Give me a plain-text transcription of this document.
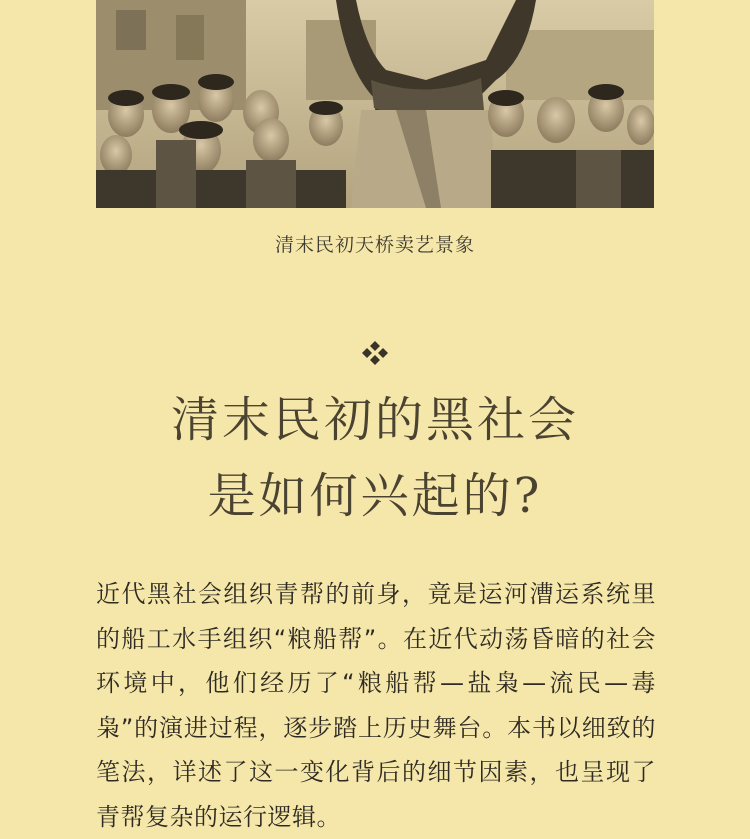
清末民初天桥卖艺景象
清末民初的黑社会
是如何兴起的?
近代黑社会组织青帮的前身，竟是运河漕运系统里的船工水手组织“粮船帮”。在近代动荡昏暗的社会环境中，他们经历了“粮船帮—盐枭—流民—毒枭”的演进过程，逐步踏上历史舞台。本书以细致的笔法，详述了这一变化背后的细节因素，也呈现了青帮复杂的运行逻辑。
